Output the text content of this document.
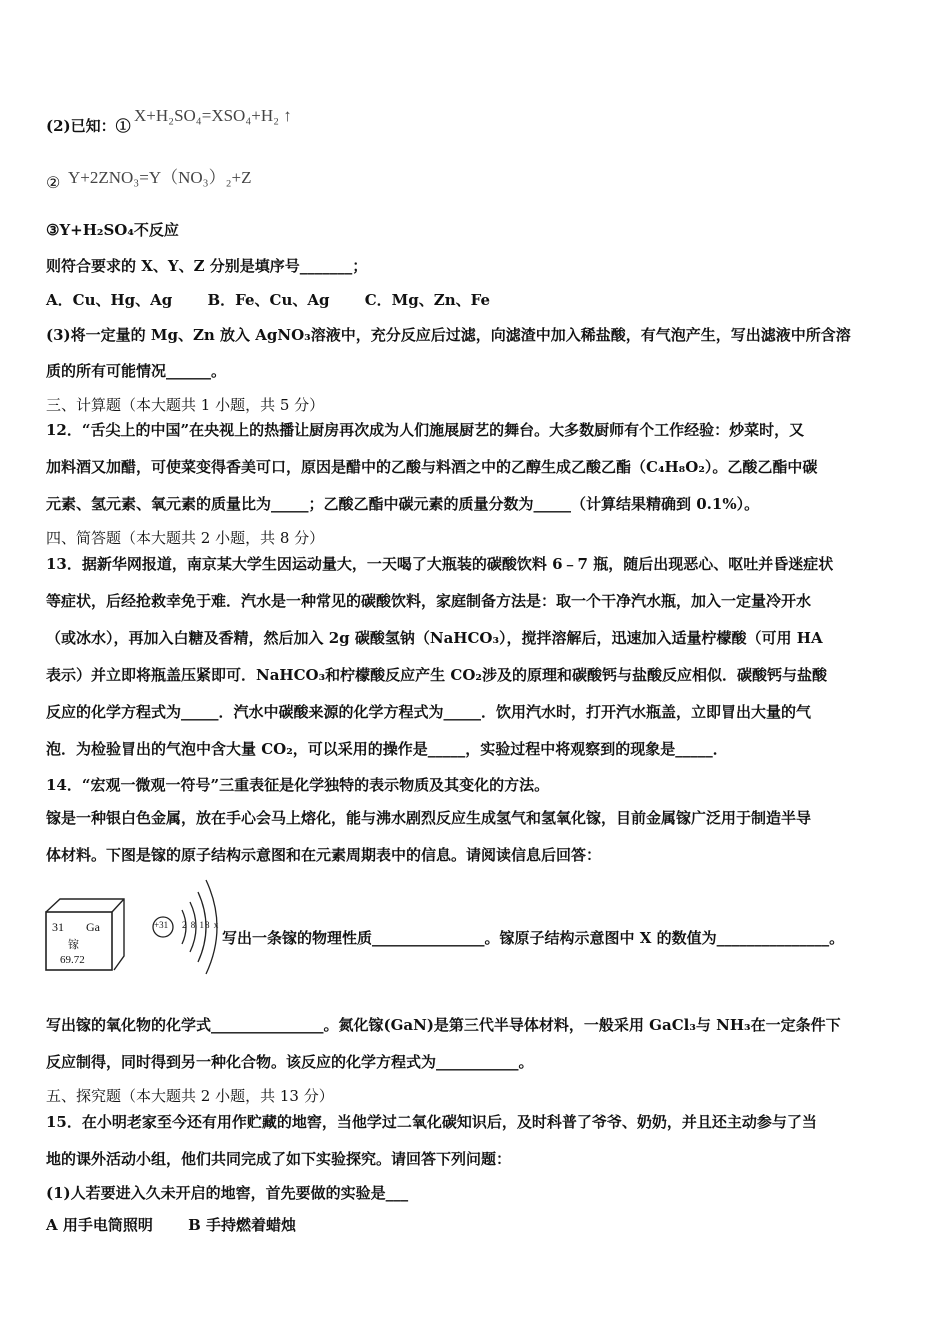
(2)已知：①
X+H₂SO₄=XSO₄+H₂ ↑
② Y+2ZNO₃=Y（NO₃）₂+Z
③Y+H₂SO₄不反应
则符合要求的 X、Y、Z 分别是填序号_______；
A．Cu、Hg、Ag　　 B．Fe、Cu、Ag　　 C．Mg、Zn、Fe
(3)将一定量的 Mg、Zn 放入 AgNO₃溶液中，充分反应后过滤，向滤渣中加入稀盐酸，有气泡产生，写出滤液中所含溶
质的所有可能情况______。
三、计算题（本大题共 1 小题，共 5 分）
12．“舌尖上的中国”在央视上的热播让厨房再次成为人们施展厨艺的舞台。大多数厨师有个工作经验：炒菜时，又
加料酒又加醋，可使菜变得香美可口，原因是醋中的乙酸与料酒之中的乙醇生成乙酸乙酯（C₄H₈O₂）。乙酸乙酯中碳
元素、氢元素、氧元素的质量比为_____；乙酸乙酯中碳元素的质量分数为_____（计算结果精确到 0.1%）。
四、简答题（本大题共 2 小题，共 8 分）
13．据新华网报道，南京某大学生因运动量大，一天喝了大瓶装的碳酸饮料 6﹣7 瓶，随后出现恶心、呕吐并昏迷症状
等症状，后经抢救幸免于难．汽水是一种常见的碳酸饮料，家庭制备方法是：取一个干净汽水瓶，加入一定量冷开水
（或冰水），再加入白糖及香精，然后加入 2g 碳酸氢钠（NaHCO₃），搅拌溶解后，迅速加入适量柠檬酸（可用 HA
表示）并立即将瓶盖压紧即可．NaHCO₃和柠檬酸反应产生 CO₂涉及的原理和碳酸钙与盐酸反应相似．碳酸钙与盐酸
反应的化学方程式为_____．汽水中碳酸来源的化学方程式为_____．饮用汽水时，打开汽水瓶盖，立即冒出大量的气
泡．为检验冒出的气泡中含大量 CO₂，可以采用的操作是_____，实验过程中将观察到的现象是_____．
14．“宏观一微观一符号”三重表征是化学独特的表示物质及其变化的方法。
镓是一种银白色金属，放在手心会马上熔化，能与沸水剧烈反应生成氢气和氢氧化镓，目前金属镓广泛用于制造半导
体材料。下图是镓的原子结构示意图和在元素周期表中的信息。请阅读信息后回答：
31 Ga
镓
69.72
+31 2 8 18 x
写出一条镓的物理性质_______________。镓原子结构示意图中 X 的数值为_______________。
写出镓的氧化物的化学式_______________。氮化镓(GaN)是第三代半导体材料，一般采用 GaCl₃与 NH₃在一定条件下
反应制得，同时得到另一种化合物。该反应的化学方程式为___________。
五、探究题（本大题共 2 小题，共 13 分）
15．在小明老家至今还有用作贮藏的地窖，当他学过二氧化碳知识后，及时科普了爷爷、奶奶，并且还主动参与了当
地的课外活动小组，他们共同完成了如下实验探究。请回答下列问题：
(1)人若要进入久未开启的地窖，首先要做的实验是___
A 用手电筒照明　　 B 手持燃着蜡烛
